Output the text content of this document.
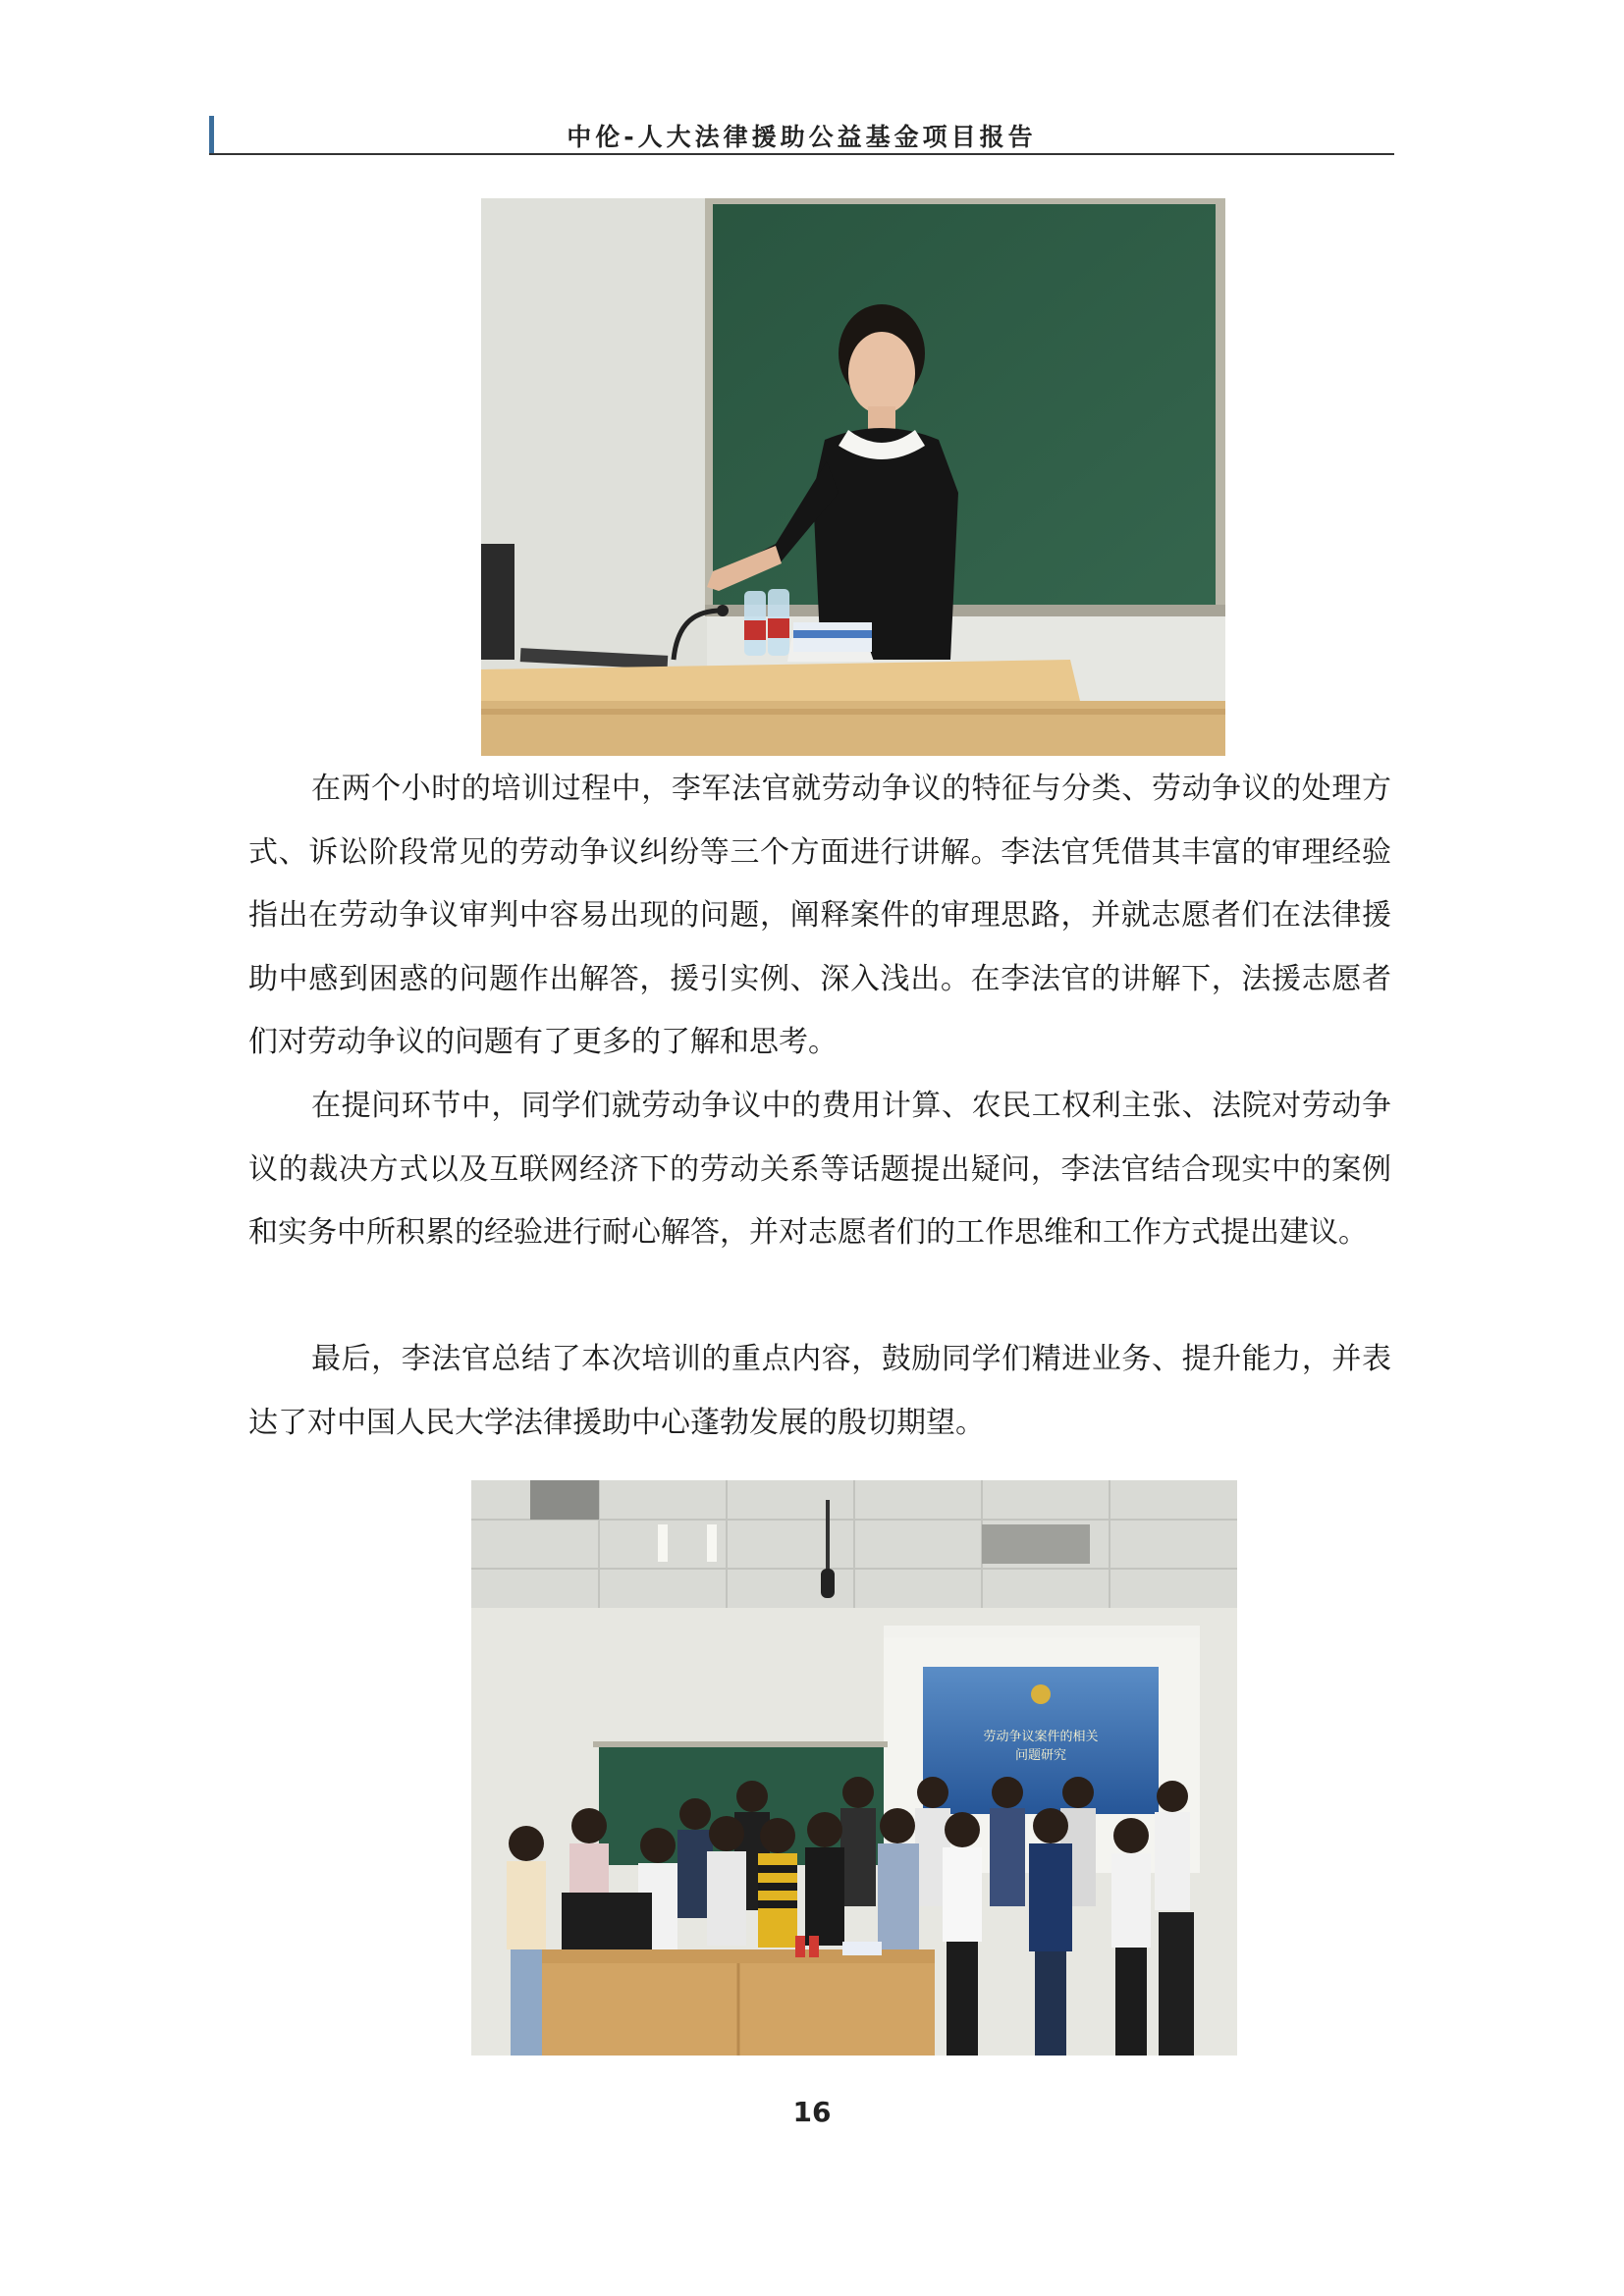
中伦-人大法律援助公益基金项目报告

在两个小时的培训过程中，李军法官就劳动争议的特征与分类、劳动争议的处理方式、诉讼阶段常见的劳动争议纠纷等三个方面进行讲解。李法官凭借其丰富的审理经验指出在劳动争议审判中容易出现的问题，阐释案件的审理思路，并就志愿者们在法律援助中感到困惑的问题作出解答，援引实例、深入浅出。在李法官的讲解下，法援志愿者们对劳动争议的问题有了更多的了解和思考。

在提问环节中，同学们就劳动争议中的费用计算、农民工权利主张、法院对劳动争议的裁决方式以及互联网经济下的劳动关系等话题提出疑问，李法官结合现实中的案例和实务中所积累的经验进行耐心解答，并对志愿者们的工作思维和工作方式提出建议。

最后，李法官总结了本次培训的重点内容，鼓励同学们精进业务、提升能力，并表达了对中国人民大学法律援助中心蓬勃发展的殷切期望。

劳动争议案件的相关
问题研究
16
